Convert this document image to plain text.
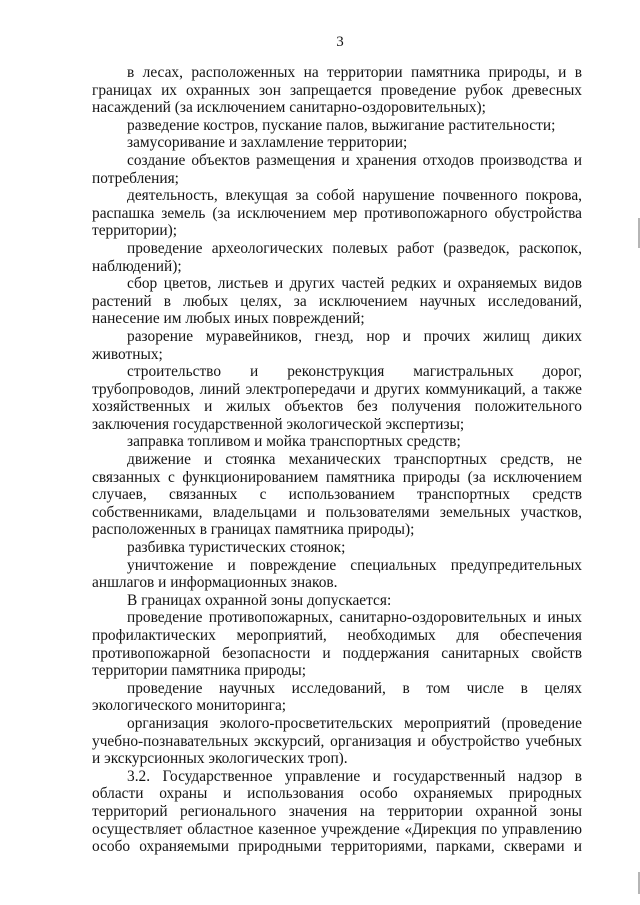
3

в лесах, расположенных на территории памятника природы, и в границах их охранных зон запрещается проведение рубок древесных насаждений (за исключением санитарно-оздоровительных);

разведение костров, пускание палов, выжигание растительности;

замусоривание и захламление территории;

создание объектов размещения и хранения отходов производства и потребления;

деятельность, влекущая за собой нарушение почвенного покрова, распашка земель (за исключением мер противопожарного обустройства территории);

проведение археологических полевых работ (разведок, раскопок, наблюдений);

сбор цветов, листьев и других частей редких и охраняемых видов растений в любых целях, за исключением научных исследований, нанесение им любых иных повреждений;

разорение муравейников, гнезд, нор и прочих жилищ диких животных;

строительство и реконструкция магистральных дорог, трубопроводов, линий электропередачи и других коммуникаций, а также хозяйственных и жилых объектов без получения положительного заключения государственной экологической экспертизы;

заправка топливом и мойка транспортных средств;

движение и стоянка механических транспортных средств, не связанных с функционированием памятника природы (за исключением случаев, связанных с использованием транспортных средств собственниками, владельцами и пользователями земельных участков, расположенных в границах памятника природы);

разбивка туристических стоянок;

уничтожение и повреждение специальных предупредительных аншлагов и информационных знаков.

В границах охранной зоны допускается:

проведение противопожарных, санитарно-оздоровительных и иных профилактических мероприятий, необходимых для обеспечения противопожарной безопасности и поддержания санитарных свойств территории памятника природы;

проведение научных исследований, в том числе в целях экологического мониторинга;

организация эколого-просветительских мероприятий (проведение учебно-познавательных экскурсий, организация и обустройство учебных и экскурсионных экологических троп).

3.2. Государственное управление и государственный надзор в области охраны и использования особо охраняемых природных территорий регионального значения на территории охранной зоны осуществляет областное казенное учреждение «Дирекция по управлению особо охраняемыми природными территориями, парками, скверами и
